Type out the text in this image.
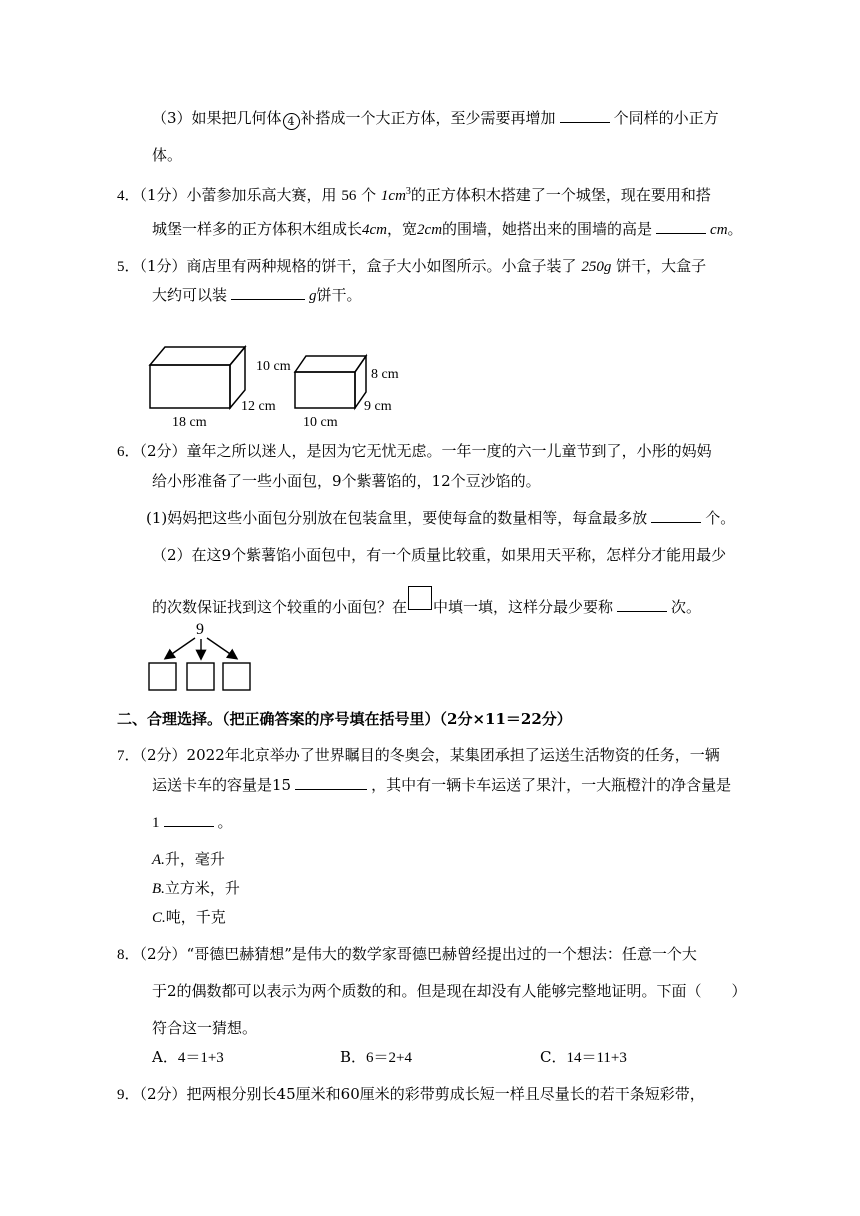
（3）如果把几何体 4 补搭成一个大正方体，至少需要再增加	个同样的小正方
体。
4．（1分）小蕾参加乐高大赛，用 56 个 $1cm^3$的正方体积木搭建了一个城堡，现在要用和搭
城堡一样多的正方体积木组成长4cm，宽2cm的围墙，她搭出来的围墙的高是	cm。
5．（1分）商店里有两种规格的饼干，盒子大小如图所示。小盒子装了 250g 饼干，大盒子
大约可以装	g饼干。
10 cm
12 cm
18 cm
8 cm
9 cm
10 cm
6．（2分）童年之所以迷人，是因为它无忧无虑。一年一度的六一儿童节到了，小彤的妈妈
给小彤准备了一些小面包，9个紫薯馅的，12个豆沙馅的。
(1)妈妈把这些小面包分别放在包装盒里，要使每盒的数量相等，每盒最多放	个。
（2）在这9个紫薯馅小面包中，有一个质量比较重，如果用天平称，怎样分才能用最少
的次数保证找到这个较重的小面包？在 中填一填，这样分最少要称	次。
9
二、合理选择。（把正确答案的序号填在括号里）（2分×11＝22分）
7．（2分）2022年北京举办了世界瞩目的冬奥会，某集团承担了运送生活物资的任务，一辆
运送卡车的容量是15	，其中有一辆卡车运送了果汁，一大瓶橙汁的净含量是
1	。
A.升，毫升
B.立方米，升
C.吨，千克
8．（2分）“哥德巴赫猜想”是伟大的数学家哥德巴赫曾经提出过的一个想法：任意一个大
于2的偶数都可以表示为两个质数的和。但是现在却没有人能够完整地证明。下面（　　）
符合这一猜想。
A．4＝1+3	B．6＝2+4	C．14＝11+3
9．（2分）把两根分别长45厘米和60厘米的彩带剪成长短一样且尽量长的若干条短彩带，
